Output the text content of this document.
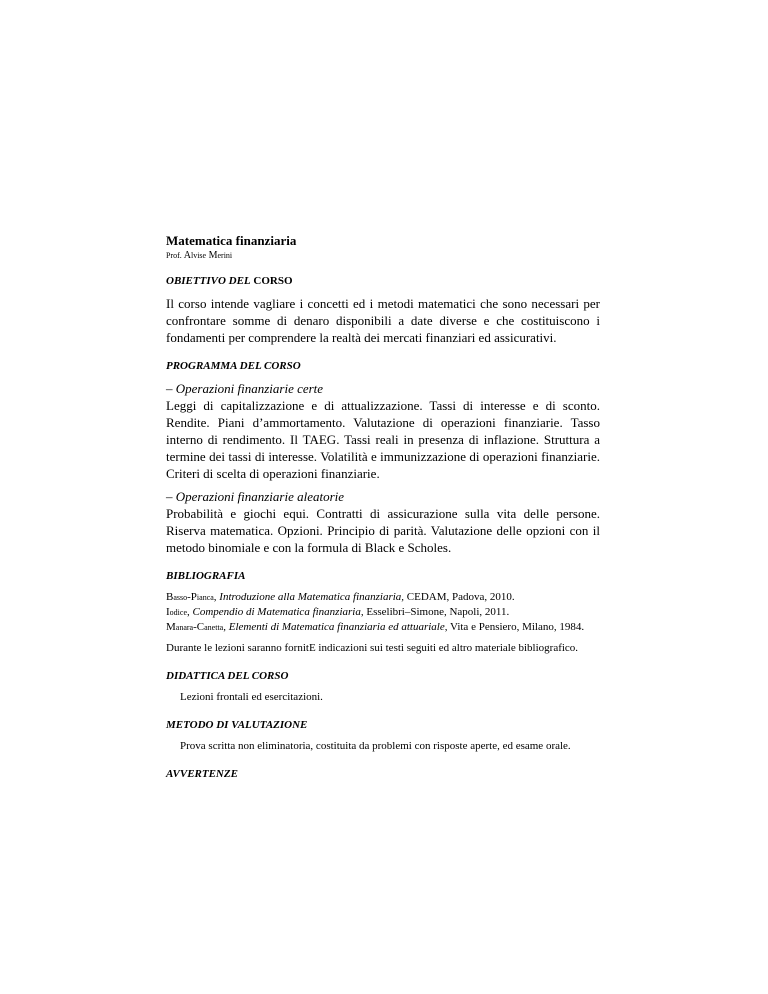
Matematica finanziaria

Prof. Alvise Merini

OBIETTIVO DEL CORSO

Il corso intende vagliare i concetti ed i metodi matematici che sono necessari per confrontare somme di denaro disponibili a date diverse e che costituiscono i fondamenti per comprendere la realtà dei mercati finanziari ed assicurativi.

PROGRAMMA DEL CORSO
– Operazioni finanziarie certe

Leggi di capitalizzazione e di attualizzazione. Tassi di interesse e di sconto. Rendite. Piani d’ammortamento. Valutazione di operazioni finanziarie. Tasso interno di rendimento. Il TAEG. Tassi reali in presenza di inflazione. Struttura a termine dei tassi di interesse. Volatilità e immunizzazione di operazioni finanziarie. Criteri di scelta di operazioni finanziarie.

– Operazioni finanziarie aleatorie

Probabilità e giochi equi. Contratti di assicurazione sulla vita delle persone. Riserva matematica. Opzioni. Principio di parità. Valutazione delle opzioni con il metodo binomiale e con la formula di Black e Scholes.

BIBLIOGRAFIA

Basso-Pianca, Introduzione alla Matematica finanziaria, CEDAM, Padova, 2010.

Iodice, Compendio di Matematica finanziaria, Esselibri–Simone, Napoli, 2011.

Manara-Canetta, Elementi di Matematica finanziaria ed attuariale, Vita e Pensiero, Milano, 1984.

Durante le lezioni saranno fornitE indicazioni sui testi seguiti ed altro materiale bibliografico.

DIDATTICA DEL CORSO

Lezioni frontali ed esercitazioni.

METODO DI VALUTAZIONE

Prova scritta non eliminatoria, costituita da problemi con risposte aperte, ed esame orale.

AVVERTENZE
